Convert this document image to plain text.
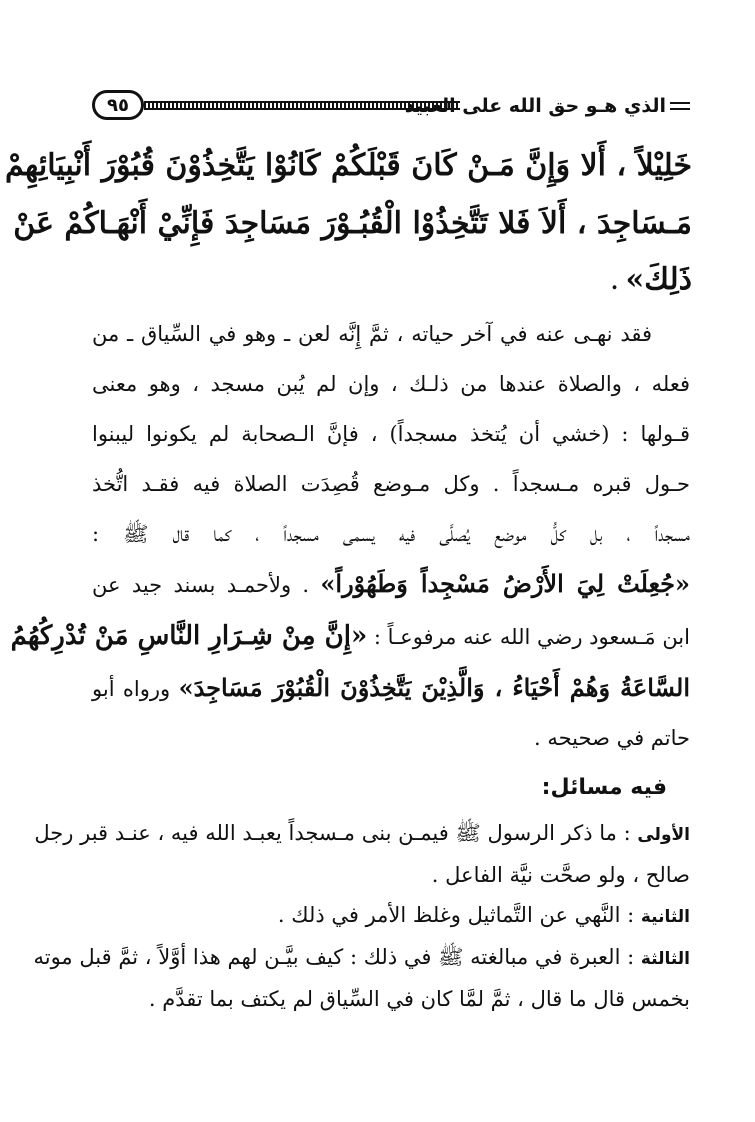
٩٥	الذي هـو حق الله على العبيد
خَلِيْلاً ، أَلا وَإِنَّ مَـنْ كَانَ قَبْلَكُمْ كَانُوْا يَتَّخِذُوْنَ قُبُوْرَ أَنْبِيَائِهِمْ
مَـسَاجِدَ ، أَلاَ فَلا تَتَّخِذُوْا الْقُبُـوْرَ مَسَاجِدَ فَإِنِّيْ أَنْهَـاكُمْ عَنْ
ذَلِكَ» .
فقد نهـى عنه في آخر حياته ، ثمَّ إِنَّه لعن ـ وهو في السِّياق ـ من
فعله ، والصلاة عندها من ذلـك ، وإن لم يُبن مسجد ، وهو معنى
قـولها : (خشي أن يُتخذ مسجداً) ، فإنَّ الـصحابة لم يكونوا ليبنوا
حـول قبره مـسجداً . وكل مـوضع قُصِدَت الصلاة فيه فقـد اتُّخذ
مسجداً ، بل كلُّ موضع يُصلَّى فيه يسمى مسجداً ، كما قال ﷺ :
«جُعِلَتْ لِيَ الأَرْضُ مَسْجِداً وَطَهُوْراً» . ولأحمـد بسند جيد عن
ابن مَـسعود رضي الله عنه مرفوعـاً : «إِنَّ مِنْ شِـرَارِ النَّاسِ مَنْ تُدْرِكُهُمُ
السَّاعَةُ وَهُمْ أَحْيَاءُ ، وَالَّذِيْنَ يَتَّخِذُوْنَ الْقُبُوْرَ مَسَاجِدَ» ورواه أبو
حاتم في صحيحه .
فيه مسائل:
الأولى : ما ذكر الرسول ﷺ فيمـن بنى مـسجداً يعبـد الله فيه ، عنـد قبر رجل
صالح ، ولو صحَّت نيَّة الفاعل .
الثانية : النَّهي عن التَّماثيل وغلظ الأمر في ذلك .
الثالثة : العبرة في مبالغته ﷺ في ذلك : كيف بيَّـن لهم هذا أوَّلاً ، ثمَّ قبل موته
بخمس قال ما قال ، ثمَّ لمَّا كان في السِّياق لم يكتف بما تقدَّم .
